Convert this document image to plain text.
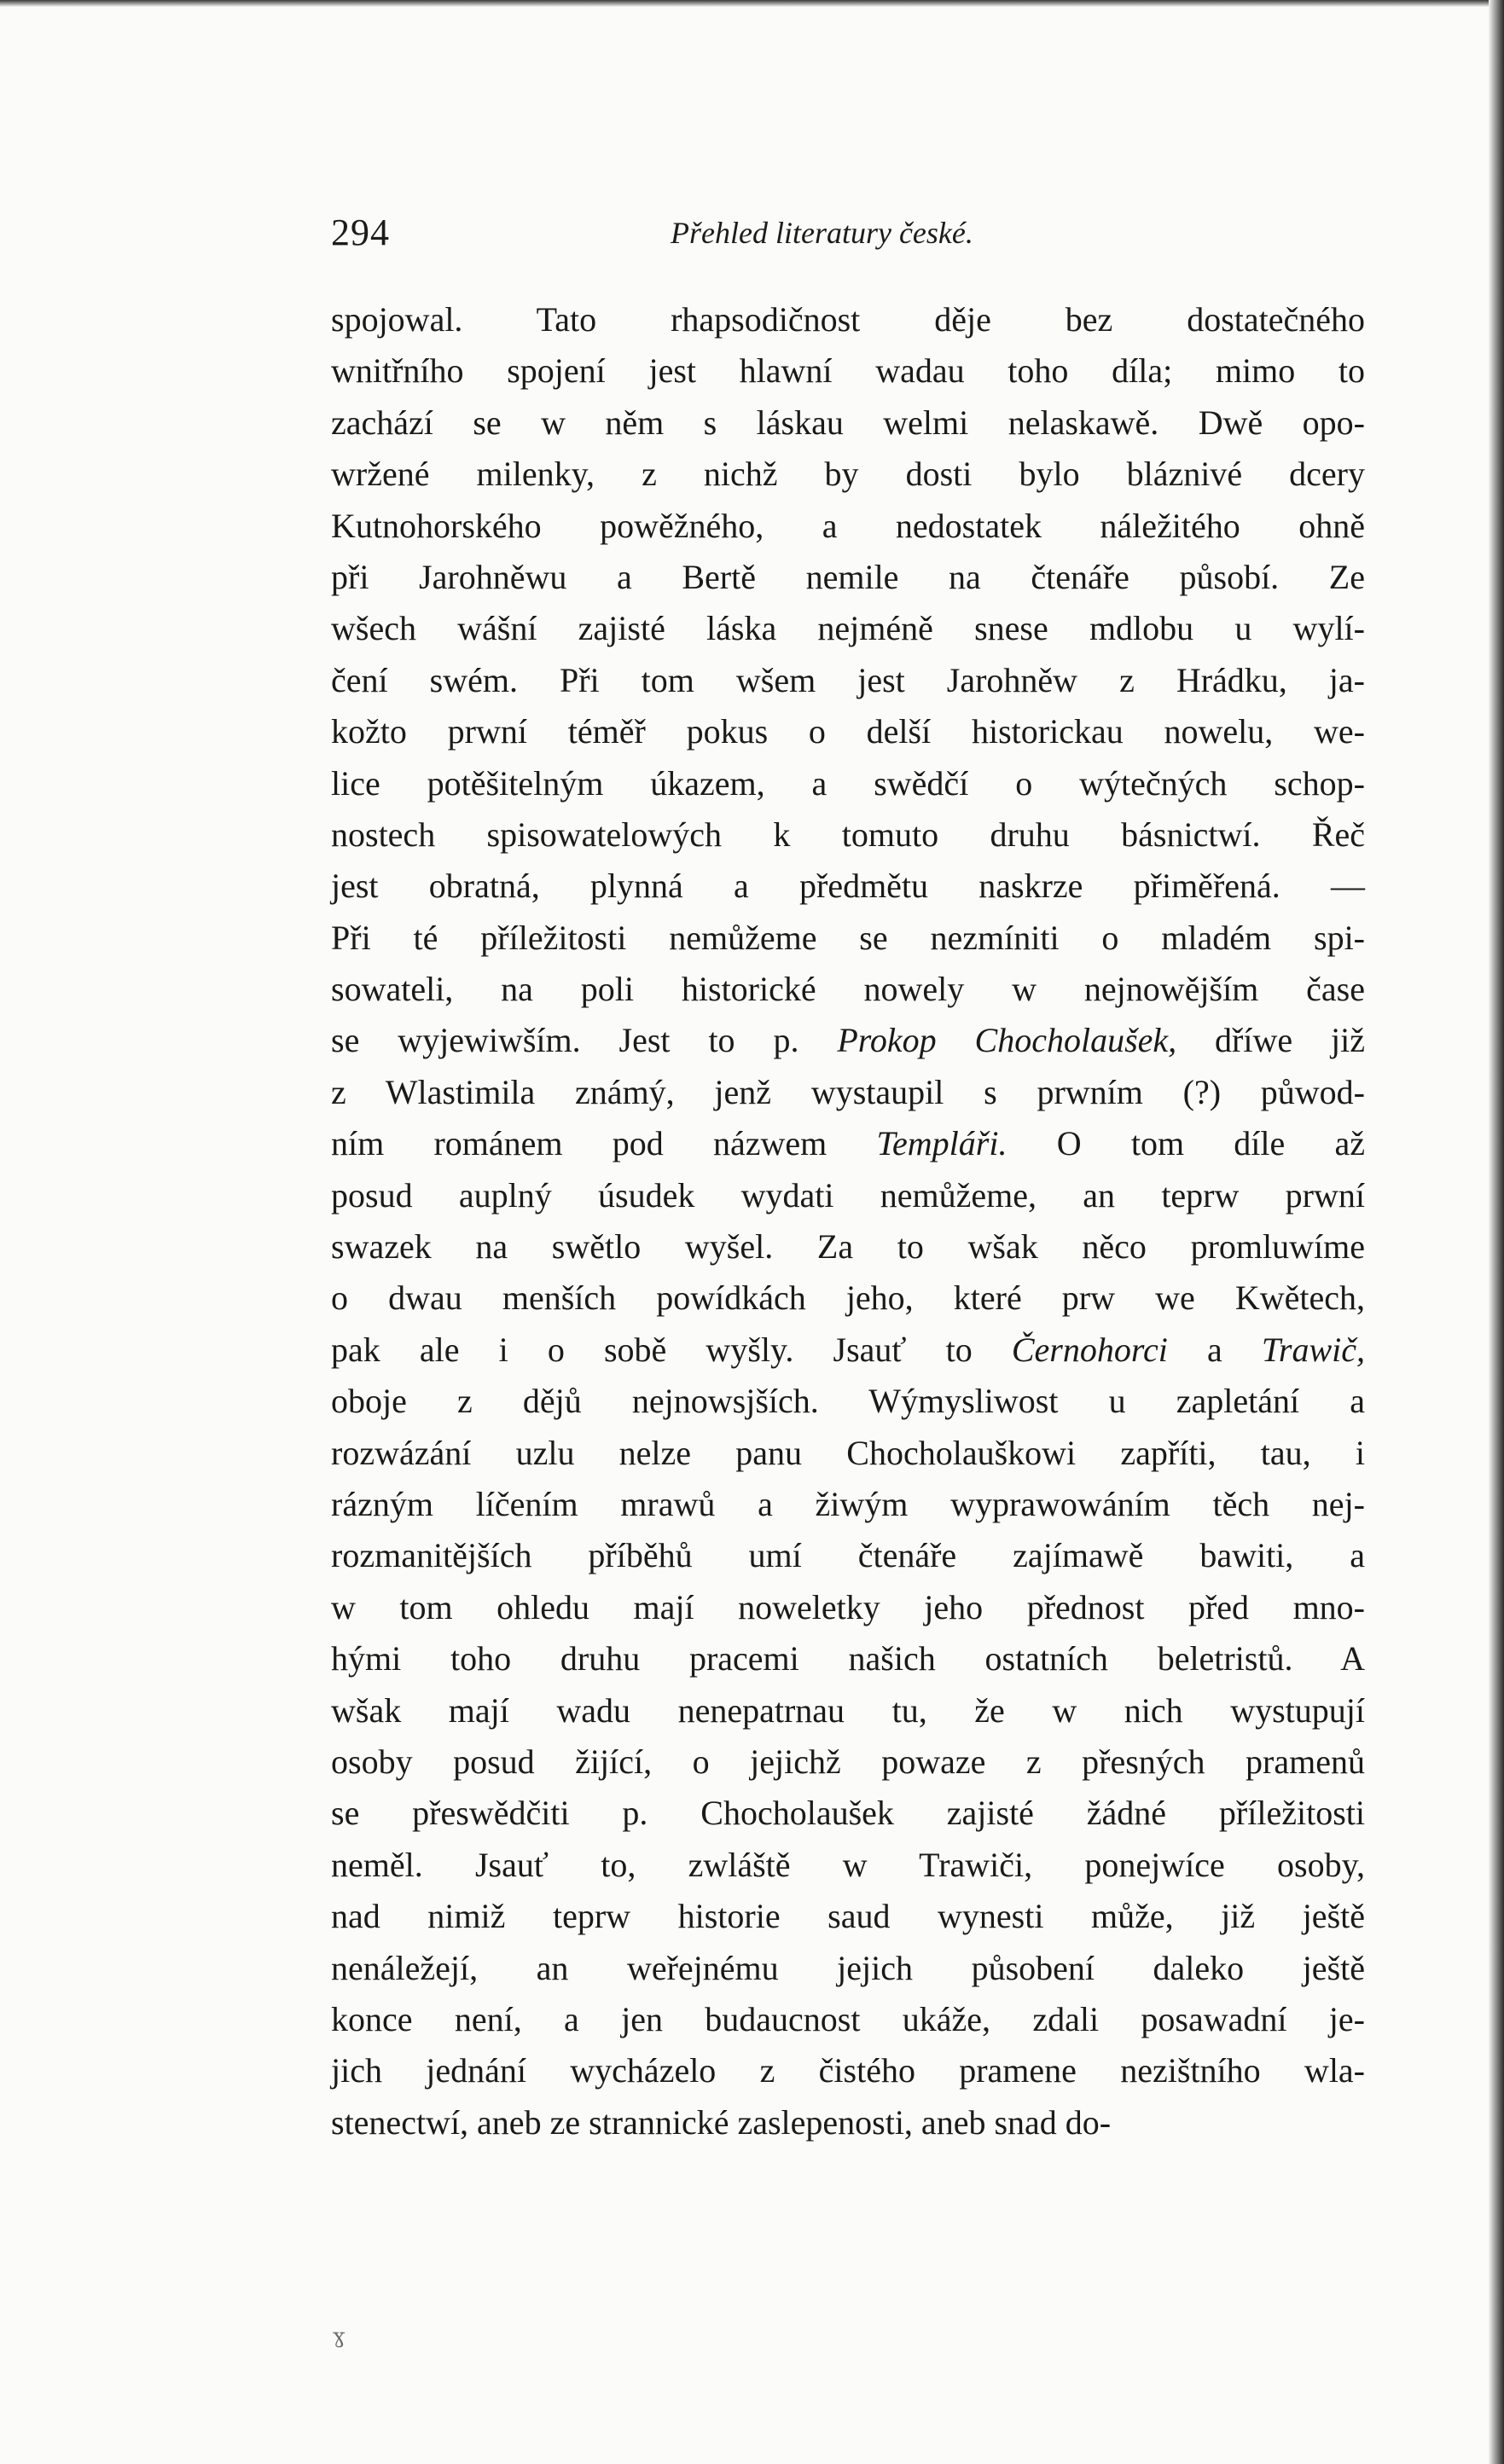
294	Přehled literatury české.
spojowal. Tato rhapsodičnost děje bez dostatečného
wnitřního spojení jest hlawní wadau toho díla; mimo to
zachází se w něm s láskau welmi nelaskawě. Dwě opo-
wržené milenky, z nichž by dosti bylo bláznivé dcery
Kutnohorského powěžného, a nedostatek náležitého ohně
při Jarohněwu a Bertě nemile na čtenáře působí. Ze
wšech wášní zajisté láska nejméně snese mdlobu u wylí-
čení swém. Při tom wšem jest Jarohněw z Hrádku, ja-
kožto prwní téměř pokus o delší historickau nowelu, we-
lice potěšitelným úkazem, a swědčí o wýtečných schop-
nostech spisowatelowých k tomuto druhu básnictwí. Řeč
jest obratná, plynná a předmětu naskrze přiměřená. —
Při té příležitosti nemůžeme se nezmíniti o mladém spi-
sowateli, na poli historické nowely w nejnowějším čase
se wyjewiwším. Jest to p. Prokop Chocholaušek, dříwe již
z Wlastimila známý, jenž wystaupil s prwním (?) půwod-
ním románem pod názwem Templáři. O tom díle až
posud auplný úsudek wydati nemůžeme, an teprw prwní
swazek na swětlo wyšel. Za to wšak něco promluwíme
o dwau menších powídkách jeho, které prw we Kwětech,
pak ale i o sobě wyšly. Jsauť to Černohorci a Trawič,
oboje z dějů nejnowsjších. Wýmysliwost u zapletání a
rozwázání uzlu nelze panu Chocholauškowi zapříti, tau, i
rázným líčením mrawů a žiwým wyprawowáním těch nej-
rozmanitějších příběhů umí čtenáře zajímawě bawiti, a
w tom ohledu mají noweletky jeho přednost před mno-
hými toho druhu pracemi našich ostatních beletristů. A
wšak mají wadu nenepatrnau tu, že w nich wystupují
osoby posud žijící, o jejichž powaze z přesných pramenů
se přeswědčiti p. Chocholaušek zajisté žádné příležitosti
neměl. Jsauť to, zwláště w Trawiči, ponejwíce osoby,
nad nimiž teprw historie saud wynesti může, již ještě
nenáležejí, an weřejnému jejich působení daleko ještě
konce není, a jen budaucnost ukáže, zdali posawadní je-
jich jednání wycházelo z čistého pramene nezištního wla-
stenectwí, aneb ze strannické zaslepenosti, aneb snad do-
ɣ
